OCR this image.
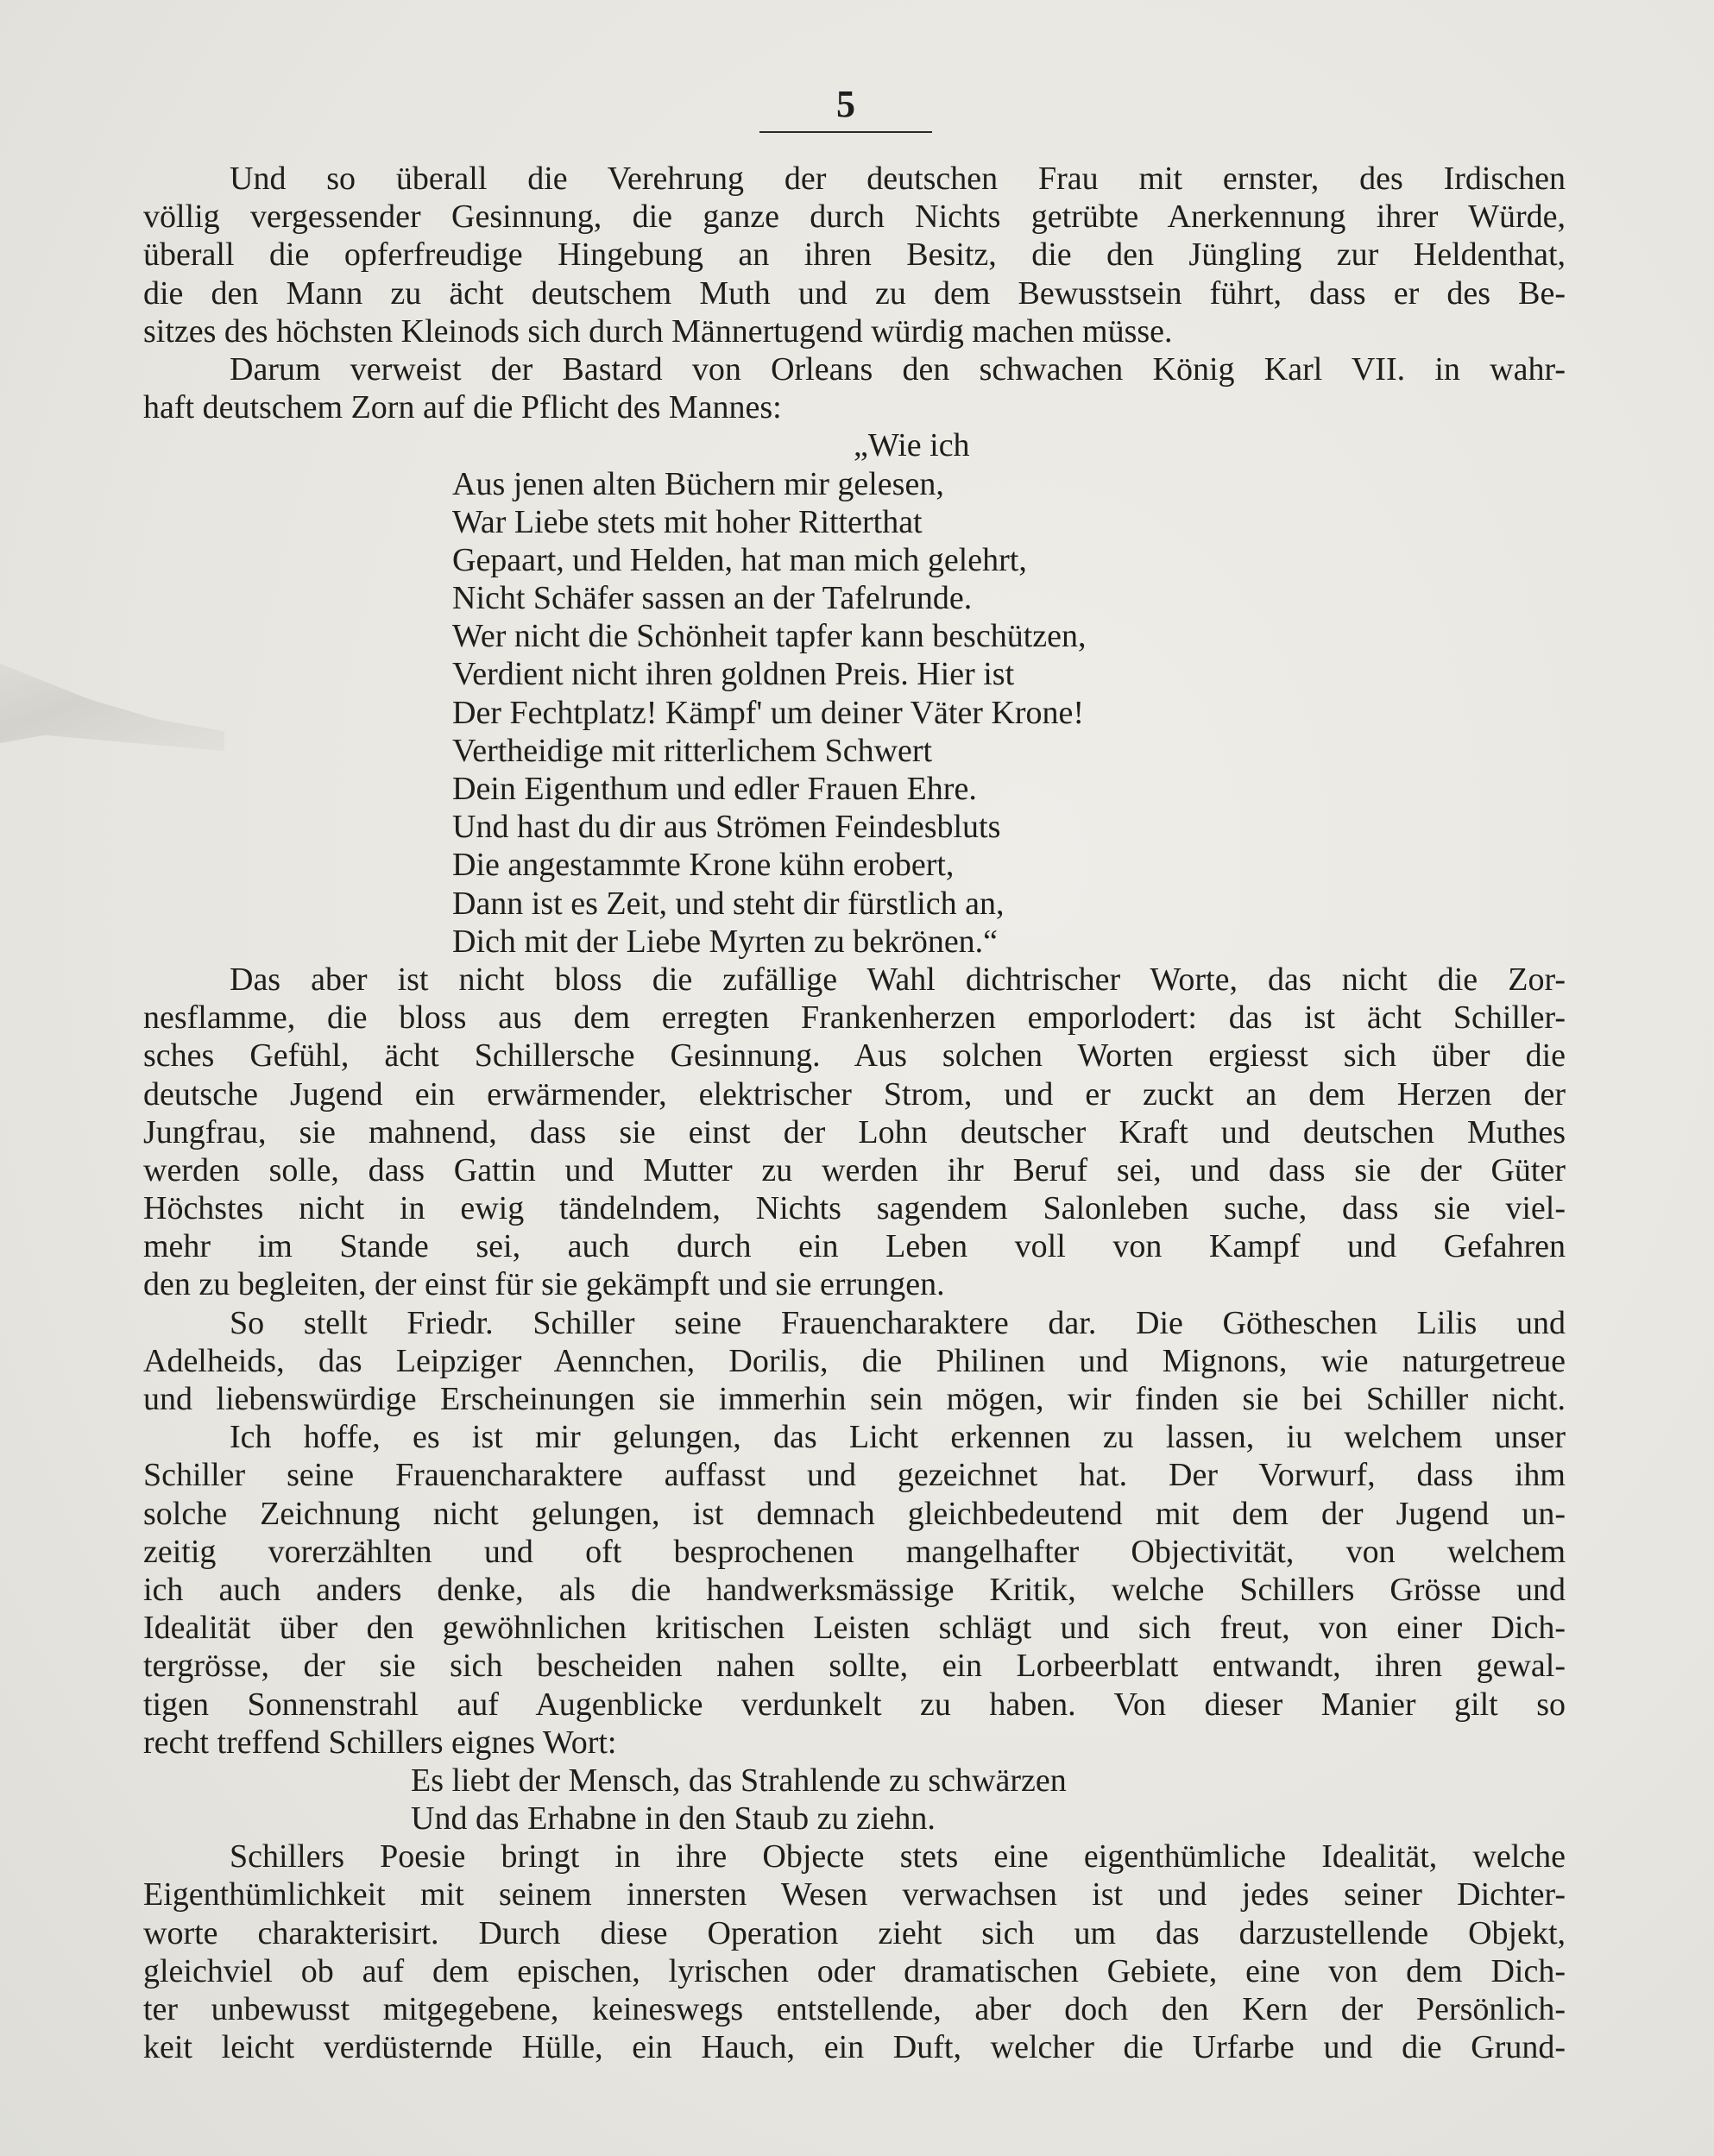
5
Und so überall die Verehrung der deutschen Frau mit ernster, des Irdischen
völlig vergessender Gesinnung, die ganze durch Nichts getrübte Anerkennung ihrer Würde,
überall die opferfreudige Hingebung an ihren Besitz, die den Jüngling zur Heldenthat,
die den Mann zu ächt deutschem Muth und zu dem Bewusstsein führt, dass er des Be-
sitzes des höchsten Kleinods sich durch Männertugend würdig machen müsse.
Darum verweist der Bastard von Orleans den schwachen König Karl VII. in wahr-
haft deutschem Zorn auf die Pflicht des Mannes:
„Wie ich
Aus jenen alten Büchern mir gelesen,
War Liebe stets mit hoher Ritterthat
Gepaart, und Helden, hat man mich gelehrt,
Nicht Schäfer sassen an der Tafelrunde.
Wer nicht die Schönheit tapfer kann beschützen,
Verdient nicht ihren goldnen Preis. Hier ist
Der Fechtplatz! Kämpf' um deiner Väter Krone!
Vertheidige mit ritterlichem Schwert
Dein Eigenthum und edler Frauen Ehre.
Und hast du dir aus Strömen Feindesbluts
Die angestammte Krone kühn erobert,
Dann ist es Zeit, und steht dir fürstlich an,
Dich mit der Liebe Myrten zu bekrönen.“
Das aber ist nicht bloss die zufällige Wahl dichtrischer Worte, das nicht die Zor-
nesflamme, die bloss aus dem erregten Frankenherzen emporlodert: das ist ächt Schiller-
sches Gefühl, ächt Schillersche Gesinnung. Aus solchen Worten ergiesst sich über die
deutsche Jugend ein erwärmender, elektrischer Strom, und er zuckt an dem Herzen der
Jungfrau, sie mahnend, dass sie einst der Lohn deutscher Kraft und deutschen Muthes
werden solle, dass Gattin und Mutter zu werden ihr Beruf sei, und dass sie der Güter
Höchstes nicht in ewig tändelndem, Nichts sagendem Salonleben suche, dass sie viel-
mehr im Stande sei, auch durch ein Leben voll von Kampf und Gefahren
den zu begleiten, der einst für sie gekämpft und sie errungen.
So stellt Friedr. Schiller seine Frauencharaktere dar. Die Götheschen Lilis und
Adelheids, das Leipziger Aennchen, Dorilis, die Philinen und Mignons, wie naturgetreue
und liebenswürdige Erscheinungen sie immerhin sein mögen, wir finden sie bei Schiller nicht.
Ich hoffe, es ist mir gelungen, das Licht erkennen zu lassen, iu welchem unser
Schiller seine Frauencharaktere auffasst und gezeichnet hat. Der Vorwurf, dass ihm
solche Zeichnung nicht gelungen, ist demnach gleichbedeutend mit dem der Jugend un-
zeitig vorerzählten und oft besprochenen mangelhafter Objectivität, von welchem
ich auch anders denke, als die handwerksmässige Kritik, welche Schillers Grösse und
Idealität über den gewöhnlichen kritischen Leisten schlägt und sich freut, von einer Dich-
tergrösse, der sie sich bescheiden nahen sollte, ein Lorbeerblatt entwandt, ihren gewal-
tigen Sonnenstrahl auf Augenblicke verdunkelt zu haben. Von dieser Manier gilt so
recht treffend Schillers eignes Wort:
Es liebt der Mensch, das Strahlende zu schwärzen
Und das Erhabne in den Staub zu ziehn.
Schillers Poesie bringt in ihre Objecte stets eine eigenthümliche Idealität, welche
Eigenthümlichkeit mit seinem innersten Wesen verwachsen ist und jedes seiner Dichter-
worte charakterisirt. Durch diese Operation zieht sich um das darzustellende Objekt,
gleichviel ob auf dem epischen, lyrischen oder dramatischen Gebiete, eine von dem Dich-
ter unbewusst mitgegebene, keineswegs entstellende, aber doch den Kern der Persönlich-
keit leicht verdüsternde Hülle, ein Hauch, ein Duft, welcher die Urfarbe und die Grund-
